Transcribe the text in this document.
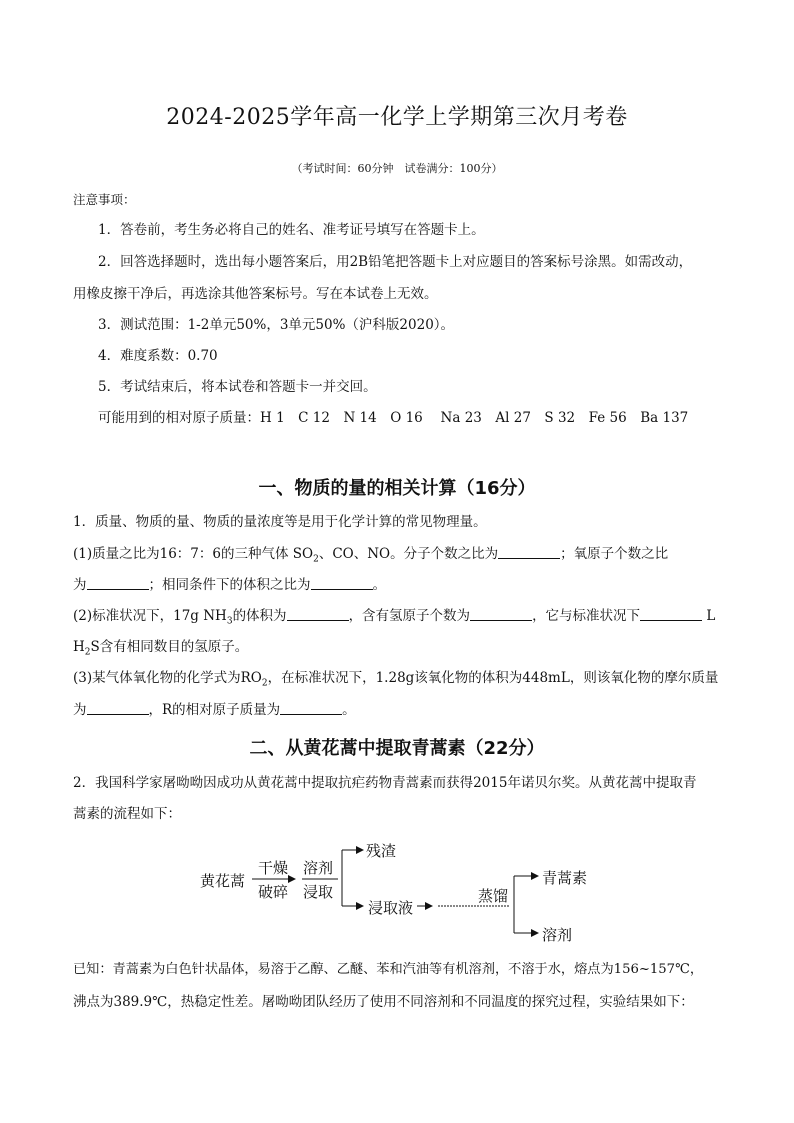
2024-2025学年高一化学上学期第三次月考卷
（考试时间：60分钟　试卷满分：100分）
注意事项：
1．答卷前，考生务必将自己的姓名、准考证号填写在答题卡上。
2．回答选择题时，选出每小题答案后，用2B铅笔把答题卡上对应题目的答案标号涂黑。如需改动，
用橡皮擦干净后，再选涂其他答案标号。写在本试卷上无效。
3．测试范围：1-2单元50%，3单元50%（沪科版2020）。
4．难度系数：0.70
5．考试结束后，将本试卷和答题卡一并交回。
可能用到的相对原子质量：H 1　C 12　N 14　O 16　 Na 23　Al 27　S 32　Fe 56　Ba 137
一、物质的量的相关计算（16分）
1．质量、物质的量、物质的量浓度等是用于化学计算的常见物理量。
(1)质量之比为16：7：6的三种气体 $SO_2$、CO、NO。分子个数之比为	；氧原子个数之比
为	；相同条件下的体积之比为	。
(2)标准状况下，17g $NH_3$的体积为	，含有氢原子个数为	，它与标准状况下	L
$H_2S$含有相同数目的氢原子。
(3)某气体氧化物的化学式为$RO_2$，在标准状况下，1.28g该氧化物的体积为448mL，则该氧化物的摩尔质量
为	，R的相对原子质量为	。
二、从黄花蒿中提取青蒿素（22分）
2．我国科学家屠呦呦因成功从黄花蒿中提取抗疟药物青蒿素而获得2015年诺贝尔奖。从黄花蒿中提取青
蒿素的流程如下：
黄花蒿
干燥
破碎
溶剂
浸取
残渣
浸取液
蒸馏
青蒿素
溶剂
已知：青蒿素为白色针状晶体，易溶于乙醇、乙醚、苯和汽油等有机溶剂，不溶于水，熔点为156~157℃，
沸点为389.9℃，热稳定性差。屠呦呦团队经历了使用不同溶剂和不同温度的探究过程，实验结果如下：
